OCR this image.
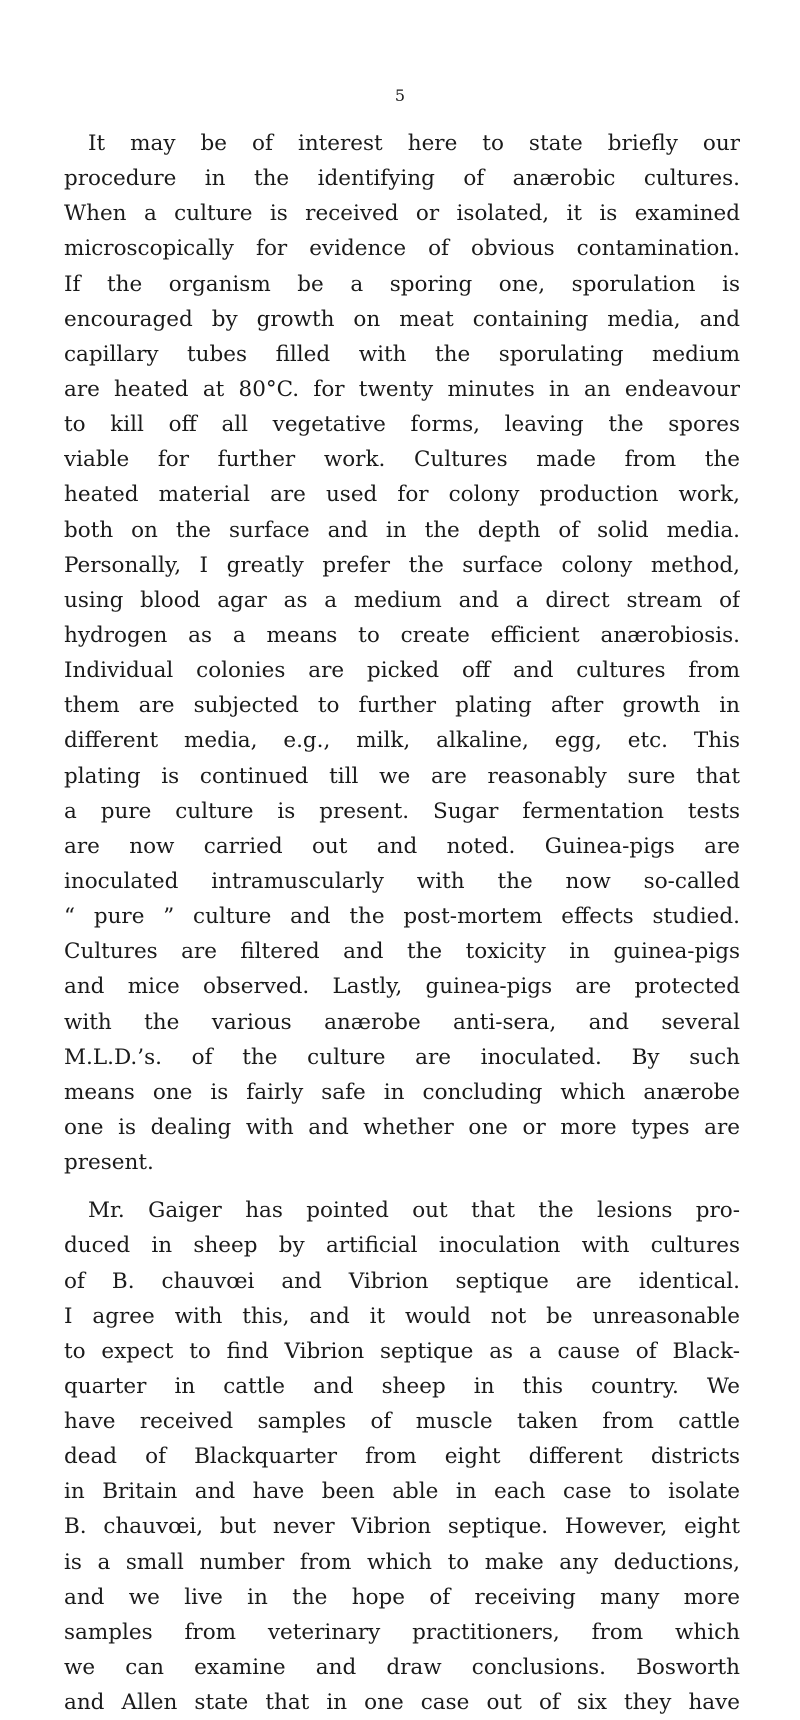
5
It may be of interest here to state briefly our
procedure in the identifying of anærobic cultures.
When a culture is received or isolated, it is examined
microscopically for evidence of obvious contamination.
If the organism be a sporing one, sporulation is
encouraged by growth on meat containing media, and
capillary tubes filled with the sporulating medium
are heated at 80°C. for twenty minutes in an endeavour
to kill off all vegetative forms, leaving the spores
viable for further work. Cultures made from the
heated material are used for colony production work,
both on the surface and in the depth of solid media.
Personally, I greatly prefer the surface colony method,
using blood agar as a medium and a direct stream of
hydrogen as a means to create efficient anærobiosis.
Individual colonies are picked off and cultures from
them are subjected to further plating after growth in
different media, e.g., milk, alkaline, egg, etc. This
plating is continued till we are reasonably sure that
a pure culture is present. Sugar fermentation tests
are now carried out and noted. Guinea-pigs are
inoculated intramuscularly with the now so-called
“ pure ” culture and the post-mortem effects studied.
Cultures are filtered and the toxicity in guinea-pigs
and mice observed. Lastly, guinea-pigs are protected
with the various anærobe anti-sera, and several
M.L.D.’s. of the culture are inoculated. By such
means one is fairly safe in concluding which anærobe
one is dealing with and whether one or more types are
present.
Mr. Gaiger has pointed out that the lesions pro-
duced in sheep by artificial inoculation with cultures
of B. chauvœi and Vibrion septique are identical.
I agree with this, and it would not be unreasonable
to expect to find Vibrion septique as a cause of Black-
quarter in cattle and sheep in this country. We
have received samples of muscle taken from cattle
dead of Blackquarter from eight different districts
in Britain and have been able in each case to isolate
B. chauvœi, but never Vibrion septique. However, eight
is a small number from which to make any deductions,
and we live in the hope of receiving many more
samples from veterinary practitioners, from which
we can examine and draw conclusions. Bosworth
and Allen state that in one case out of six they have
